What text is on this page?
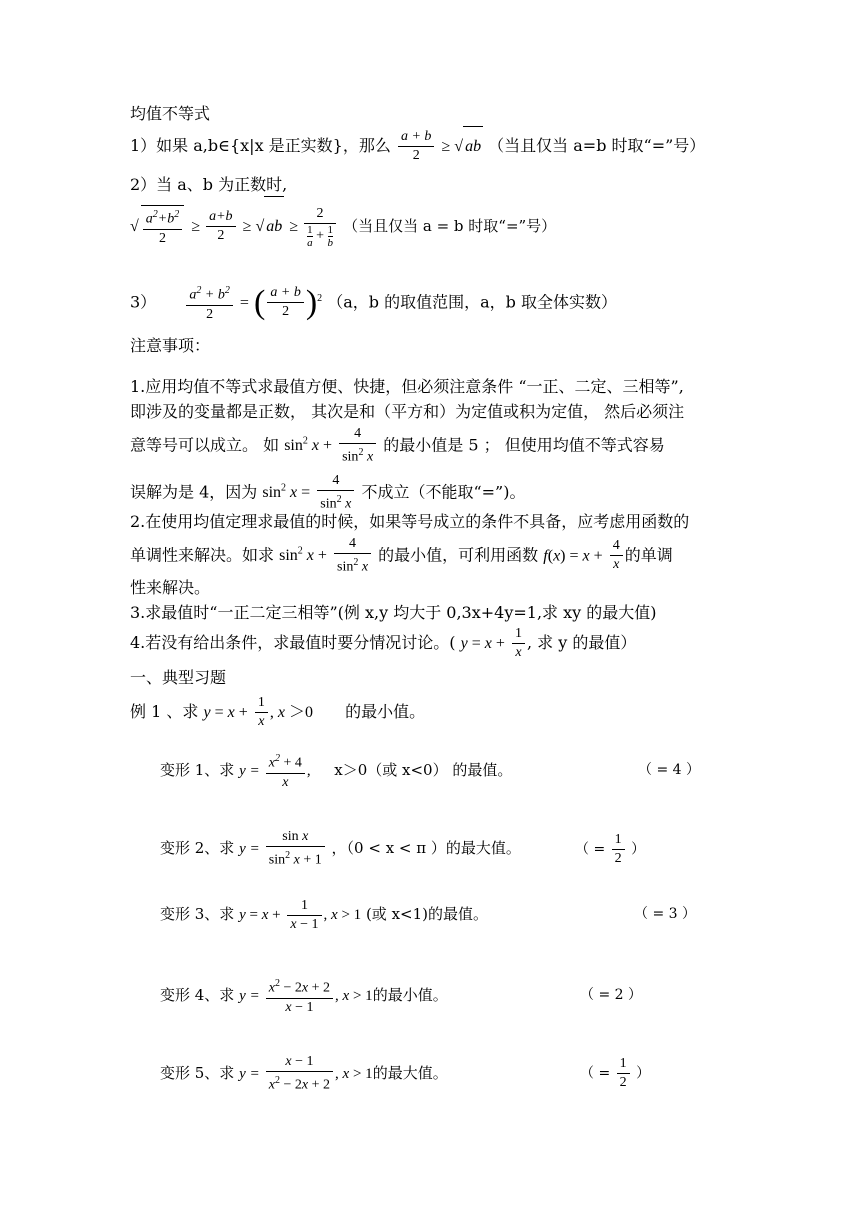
均值不等式
1）如果 a,b∈{x|x 是正实数}，那么 $\frac{a + b}{2}$ ≥ √ ab （当且仅当 a=b 时取“=”号）
2）当 a、b 为正数时,
√ $\frac{a^2+b^2}{2} \ge \frac{a+b}{2}$ ≥ √ ab ≥ $\frac{2}{\frac{1}{a} + \frac{1}{b}}$ （当且仅当 a = b 时取“=”号）
$3) \frac{a^2 + b^2}{2}$ = ( $\frac{a + b}{2} )^2$ （a，b 的取值范围，a，b 取全体实数）
注意事项：
1.应用均值不等式求最值方便、快捷，但必须注意条件 “一正、二定、三相等”,
即涉及的变量都是正数， 其次是和（平方和）为定值或积为定值， 然后必须注
意等号可以成立。 如 $\sin^2 x + \frac{4}{\sin^2 x}$ 的最小值是 5 ； 但使用均值不等式容易
误解为是 4，因为 $\sin^2 x = \frac{4}{\sin^2 x}$ 不成立（不能取“=”)。
2.在使用均值定理求最值的时候，如果等号成立的条件不具备，应考虑用函数的
单调性来解决。如求 $\sin^2 x + \frac{4}{\sin^2 x}$ 的最小值，可利用函数 $f(x) = x + \frac{4}{x}$ 的单调
性来解决。
3.求最值时“一正二定三相等”(例 x,y 均大于 0,3x+4y=1,求 xy 的最大值)
4.若没有给出条件，求最值时要分情况讨论。( $y = x + \frac{1}{x}$ , 求 y 的最值）
一、典型习题
例 1 、求 $y = x + \frac{1}{x}$ , x ＞0 的最小值。
变形 1、求 $y = \frac{x^2 + 4}{x}$ , x＞0（或 x<0） 的最值。	（ = 4 ）
变形 2、求 $y = \frac{\text{sin x}}{\sin^2 x + 1}$ ，（0 < x < π ）的最大值。	（ = $\frac{1}{2}$ ）
变形 3、求 $y = x + \frac{1}{x - 1}$ , x > 1 (或 x<1)的最值。	（ = 3 ）
变形 4、求 $y = \frac{x^2 - 2x + 2}{x - 1}$ , x > 1的最小值。	（ = 2 ）
变形 5、求 $y = \frac{x - 1}{x^2 - 2x + 2}$ , x > 1的最大值。	（ = $\frac{1}{2}$ ）
